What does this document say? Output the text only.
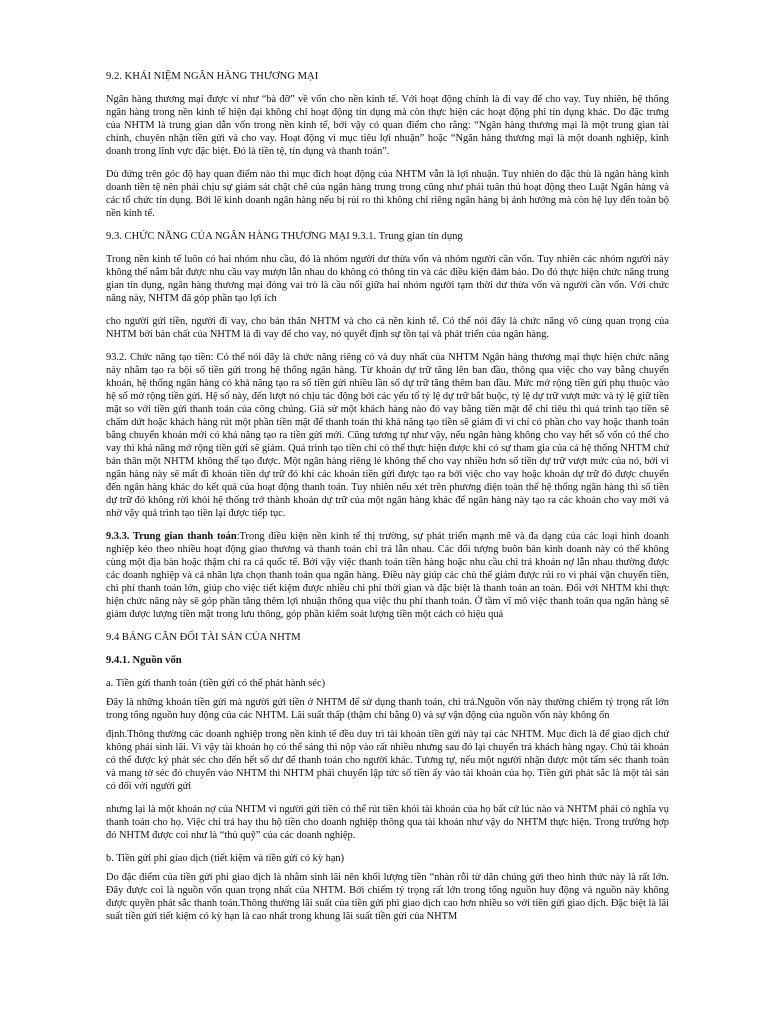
9.2. KHÁI NIỆM NGÂN HÀNG THƯƠNG MẠI

Ngân hàng thương mại được ví như “bà đỡ” về vốn cho nền kinh tế. Với hoạt động chính là đi vay để cho vay. Tuy nhiên, hệ thống ngân hàng trong nền kinh tế hiện đại không chỉ hoạt động tín dụng mà còn thực hiện các hoạt động phi tín dụng khác. Do đặc trưng của NHTM là trung gian dẫn vốn trong nền kinh tế, bởi vậy có quan điểm cho rằng: “Ngân hàng thương mại là một trung gian tài chính, chuyên nhận tiền gửi và cho vay. Hoạt động vì mục tiêu lợi nhuận” hoặc “Ngân hàng thương mại là một doanh nghiệp, kinh doanh trong lĩnh vực đặc biệt. Đó là tiền tệ, tín dụng và thanh toán”.

Dù đứng trên góc độ hay quan điểm nào thì mục đích hoạt động của NHTM vẫn là lợi nhuận. Tuy nhiên do đặc thù là ngân hàng kinh doanh tiền tệ nên phải chịu sự giám sát chặt chẽ của ngân hàng trung trong cũng như phải tuân thủ hoạt động theo Luật Ngân hàng và các tổ chức tín dụng. Bởi lẽ kinh doanh ngân hàng nếu bị rủi ro thì không chỉ riêng ngân hàng bị ảnh hưởng mà còn hệ lụy đến toàn bộ nền kinh tế.

9.3. CHỨC NĂNG CỦA NGÂN HÀNG THƯƠNG MẠI 9.3.1. Trung gian tín dụng

Trong nền kinh tế luôn có hai nhóm nhu cầu, đó là nhóm người dư thừa vốn và nhóm người cần vốn. Tuy nhiên các nhóm người này không thể nắm bắt được nhu cầu vay mượn lẫn nhau do không có thông tin và các điều kiện đảm bảo. Do đó thực hiện chức năng trung gian tín dụng, ngân hàng thương mại đóng vai trò là cầu nối giữa hai nhóm người tạm thời dư thừa vốn và người cần vốn. Với chức năng này, NHTM đã góp phần tạo lợi ích

cho người gửi tiền, người đi vay, cho bản thân NHTM và cho cả nền kinh tế. Có thể nói đây là chức năng vô cùng quan trọng của NHTM bởi bản chất của NHTM là đi vay để cho vay, nó quyết định sự tồn tại và phát triển của ngân hàng.

93.2. Chức năng tạo tiền: Có thể nói đây là chức năng riêng có và duy nhất của NHTM Ngân hàng thương mại thực hiện chức năng này nhằm tạo ra bội số tiền gửi trong hệ thống ngân hàng. Từ khoản dự trữ tăng lên ban đầu, thông qua việc cho vay bằng chuyển khoản, hệ thống ngân hàng có khả năng tạo ra số tiền gửi nhiều lần số dự trữ tăng thêm ban đầu. Mức mở rộng tiền gửi phụ thuộc vào hệ số mở rộng tiền gửi. Hệ số này, đến lượt nó chịu tác động bởi các yếu tố tỷ lệ dự trữ bắt buộc, tỷ lệ dự trữ vượt mức và tỷ lệ giữ tiền mặt so với tiền gửi thanh toán của công chúng. Giả sử một khách hàng nào đó vay bằng tiền mặt để chi tiêu thì quá trình tạo tiền sẽ chấm dứt hoặc khách hàng rút một phần tiền mặt để thanh toán thì khả năng tạo tiền sẽ giảm đi vì chỉ có phần cho vay hoặc thanh toán bằng chuyển khoản mới có khả năng tạo ra tiền gửi mới. Cũng tương tự như vậy, nếu ngân hàng không cho vay hết số vốn có thể cho vay thì khả năng mở rộng tiền gửi sẽ giảm. Quá trình tạo tiền chỉ có thể thực hiện được khi có sự tham gia của cả hệ thống NHTM chứ bản thân một NHTM không thể tạo được. Một ngân hàng riêng lẻ không thể cho vay nhiều hơn số tiền dự trữ vượt mức của nó, bởi vì ngân hàng này sẽ mất đi khoản tiền dự trữ đó khi các khoản tiền gửi được tạo ra bởi việc cho vay hoặc khoản dự trữ đó được chuyển đến ngân hàng khác do kết quả của hoạt động thanh toán. Tuy nhiên nếu xét trên phương diện toàn thể hệ thống ngân hàng thì số tiền dự trữ đó không rời khỏi hệ thống trở thành khoản dự trữ của một ngân hàng khác để ngân hàng này tạo ra các khoản cho vay mới và nhờ vậy quá trình tạo tiền lại được tiếp tục.

9.3.3. Trung gian thanh toán:Trong điều kiện nền kinh tế thị trường, sự phát triển mạnh mẽ và đa dạng của các loại hình doanh nghiệp kéo theo nhiều hoạt động giao thương và thanh toán chi trả lẫn nhau. Các đối tượng buôn bán kinh doanh này có thể không cùng một địa bàn hoặc thậm chí ra cả quốc tế. Bởi vậy việc thanh toán tiền hàng hoặc nhu cầu chi trả khoản nợ lẫn nhau thường được các doanh nghiệp và cá nhân lựa chọn thanh toán qua ngân hàng. Điều này giúp các chủ thể giảm được rủi ro vì phải vận chuyển tiền, chi phí thanh toán lớn, giúp cho việc tiết kiệm được nhiều chi phí thời gian và đặc biệt là thanh toán an toàn. Đối với NHTM khi thực hiện chức năng này sẽ góp phần tăng thêm lợi nhuận thông qua việc thu phí thanh toán. Ở tầm vĩ mô việc thanh toán qua ngân hàng sẽ giảm được lượng tiền mặt trong lưu thông, góp phần kiểm soát lượng tiền một cách có hiệu quả

9.4 BẢNG CÂN ĐỐI TÀI SẢN CỦA NHTM
9.4.1. Nguồn vốn

a. Tiền gửi thanh toán (tiền gửi có thể phát hành séc)

Đây là những khoản tiền gửi mà người gửi tiền ở NHTM để sử dụng thanh toán, chi trả.Nguồn vốn này thường chiếm tỷ trọng rất lớn trong tổng nguồn huy động của các NHTM. Lãi suất thấp (thậm chí bằng 0) và sự vận động của nguồn vốn này không ổn

định.Thông thường các doanh nghiệp trong nền kinh tế đều duy trì tài khoản tiền gửi này tại các NHTM. Mục đích là để giao dịch chứ không phải sinh lãi. Vì vậy tài khoản họ có thể sáng thì nộp vào rất nhiều nhưng sau đó lại chuyển trả khách hàng ngay. Chủ tài khoản có thể được ký phát séc cho đến hết số dư để thanh toán cho người khác. Tương tự, nếu một người nhận được một tấm séc thanh toán và mang tờ séc đó chuyển vào NHTM thì NHTM phải chuyển lập tức số tiền ấy vào tài khoản của họ. Tiền gửi phát sắc là một tài sản có đối với người gửi

nhưng lại là một khoản nợ của NHTM vì người gửi tiền có thể rút tiền khỏi tài khoản của họ bất cứ lúc nào và NHTM phải có nghĩa vụ thanh toán cho họ. Việc chi trả hay thu hộ tiền cho doanh nghiệp thông qua tài khoản như vậy do NHTM thực hiện. Trong trường hợp đó NHTM được coi như là “thủ quỹ” của các doanh nghiệp.

b. Tiền gửi phi giao dịch (tiết kiệm và tiền gửi có kỳ hạn)

Do đặc điểm của tiền gửi phi giao dịch là nhằm sinh lãi nên khối lượng tiền “nhàn rỗi từ dân chúng gửi theo hình thức này là rất lớn. Đây được coi là nguồn vốn quan trọng nhất của NHTM. Bởi chiếm tỷ trọng rất lớn trong tổng nguồn huy động và nguồn này không được quyền phát sắc thanh toán.Thông thường lãi suất của tiền gửi phi giao dịch cao hơn nhiều so với tiền gửi giao dịch. Đặc biệt là lãi suất tiền gửi tiết kiệm có kỳ hạn là cao nhất trong khung lãi suất tiền gửi của NHTM
